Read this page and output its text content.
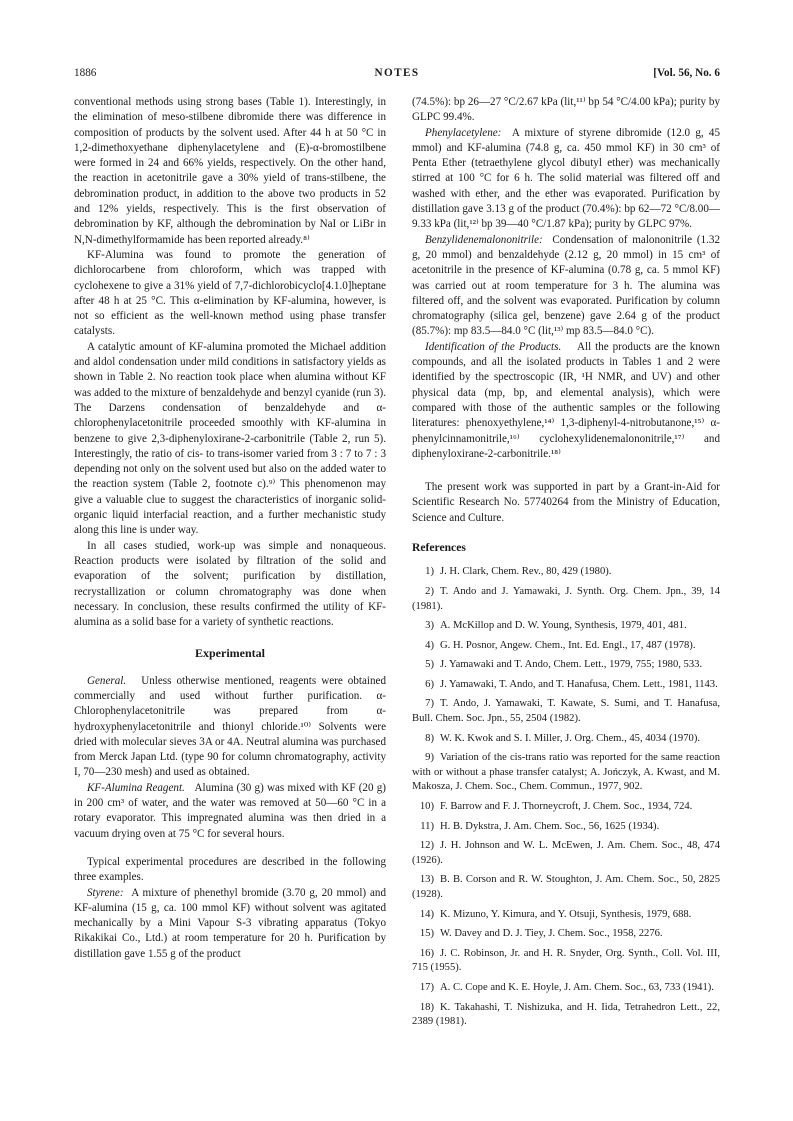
1886	NOTES	[Vol. 56, No. 6

conventional methods using strong bases (Table 1). Interestingly, in the elimination of meso-stilbene dibromide there was difference in composition of products by the solvent used. After 44 h at 50 °C in 1,2-dimethoxyethane diphenylacetylene and (E)-α-bromostilbene were formed in 24 and 66% yields, respectively. On the other hand, the reaction in acetonitrile gave a 30% yield of trans-stilbene, the debromination product, in addition to the above two products in 52 and 12% yields, respectively. This is the first observation of debromination by KF, although the debromination by NaI or LiBr in N,N-dimethylformamide has been reported already.⁸⁾

KF-Alumina was found to promote the generation of dichlorocarbene from chloroform, which was trapped with cyclohexene to give a 31% yield of 7,7-dichlorobicyclo[4.1.0]heptane after 48 h at 25 °C. This α-elimination by KF-alumina, however, is not so efficient as the well-known method using phase transfer catalysts.

A catalytic amount of KF-alumina promoted the Michael addition and aldol condensation under mild conditions in satisfactory yields as shown in Table 2. No reaction took place when alumina without KF was added to the mixture of benzaldehyde and benzyl cyanide (run 3). The Darzens condensation of benzaldehyde and α-chlorophenylacetonitrile proceeded smoothly with KF-alumina in benzene to give 2,3-diphenyloxirane-2-carbonitrile (Table 2, run 5). Interestingly, the ratio of cis- to trans-isomer varied from 3 : 7 to 7 : 3 depending not only on the solvent used but also on the added water to the reaction system (Table 2, footnote c).⁹⁾ This phenomenon may give a valuable clue to suggest the characteristics of inorganic solid-organic liquid interfacial reaction, and a further mechanistic study along this line is under way.

In all cases studied, work-up was simple and nonaqueous. Reaction products were isolated by filtration of the solid and evaporation of the solvent; purification by distillation, recrystallization or column chromatography was done when necessary. In conclusion, these results confirmed the utility of KF-alumina as a solid base for a variety of synthetic reactions.

Experimental

General. Unless otherwise mentioned, reagents were obtained commercially and used without further purification. α-Chlorophenylacetonitrile was prepared from α-hydroxyphenylacetonitrile and thionyl chloride.¹⁰⁾ Solvents were dried with molecular sieves 3A or 4A. Neutral alumina was purchased from Merck Japan Ltd. (type 90 for column chromatography, activity I, 70—230 mesh) and used as obtained.

KF-Alumina Reagent. Alumina (30 g) was mixed with KF (20 g) in 200 cm³ of water, and the water was removed at 50—60 °C in a rotary evaporator. This impregnated alumina was then dried in a vacuum drying oven at 75 °C for several hours.

Typical experimental procedures are described in the following three examples.

Styrene: A mixture of phenethyl bromide (3.70 g, 20 mmol) and KF-alumina (15 g, ca. 100 mmol KF) without solvent was agitated mechanically by a Mini Vapour S-3 vibrating apparatus (Tokyo Rikakikai Co., Ltd.) at room temperature for 20 h. Purification by distillation gave 1.55 g of the product

(74.5%): bp 26—27 °C/2.67 kPa (lit,¹¹⁾ bp 54 °C/4.00 kPa); purity by GLPC 99.4%.

Phenylacetylene: A mixture of styrene dibromide (12.0 g, 45 mmol) and KF-alumina (74.8 g, ca. 450 mmol KF) in 30 cm³ of Penta Ether (tetraethylene glycol dibutyl ether) was mechanically stirred at 100 °C for 6 h. The solid material was filtered off and washed with ether, and the ether was evaporated. Purification by distillation gave 3.13 g of the product (70.4%): bp 62—72 °C/8.00—9.33 kPa (lit,¹²⁾ bp 39—40 °C/1.87 kPa); purity by GLPC 97%.

Benzylidenemalononitrile: Condensation of malononitrile (1.32 g, 20 mmol) and benzaldehyde (2.12 g, 20 mmol) in 15 cm³ of acetonitrile in the presence of KF-alumina (0.78 g, ca. 5 mmol KF) was carried out at room temperature for 3 h. The alumina was filtered off, and the solvent was evaporated. Purification by column chromatography (silica gel, benzene) gave 2.64 g of the product (85.7%): mp 83.5—84.0 °C (lit,¹³⁾ mp 83.5—84.0 °C).

Identification of the Products. All the products are the known compounds, and all the isolated products in Tables 1 and 2 were identified by the spectroscopic (IR, ¹H NMR, and UV) and other physical data (mp, bp, and elemental analysis), which were compared with those of the authentic samples or the following literatures: phenoxyethylene,¹⁴⁾ 1,3-diphenyl-4-nitrobutanone,¹⁵⁾ α-phenylcinnamonitrile,¹⁶⁾ cyclohexylidenemalononitrile,¹⁷⁾ and diphenyloxirane-2-carbonitrile.¹⁸⁾

The present work was supported in part by a Grant-in-Aid for Scientific Research No. 57740264 from the Ministry of Education, Science and Culture.

References
1) J. H. Clark, Chem. Rev., 80, 429 (1980).
2) T. Ando and J. Yamawaki, J. Synth. Org. Chem. Jpn., 39, 14 (1981).
3) A. McKillop and D. W. Young, Synthesis, 1979, 401, 481.
4) G. H. Posnor, Angew. Chem., Int. Ed. Engl., 17, 487 (1978).
5) J. Yamawaki and T. Ando, Chem. Lett., 1979, 755; 1980, 533.
6) J. Yamawaki, T. Ando, and T. Hanafusa, Chem. Lett., 1981, 1143.
7) T. Ando, J. Yamawaki, T. Kawate, S. Sumi, and T. Hanafusa, Bull. Chem. Soc. Jpn., 55, 2504 (1982).
8) W. K. Kwok and S. I. Miller, J. Org. Chem., 45, 4034 (1970).
9) Variation of the cis-trans ratio was reported for the same reaction with or without a phase transfer catalyst; A. Jończyk, A. Kwast, and M. Makosza, J. Chem. Soc., Chem. Commun., 1977, 902.
10) F. Barrow and F. J. Thorneycroft, J. Chem. Soc., 1934, 724.
11) H. B. Dykstra, J. Am. Chem. Soc., 56, 1625 (1934).
12) J. H. Johnson and W. L. McEwen, J. Am. Chem. Soc., 48, 474 (1926).
13) B. B. Corson and R. W. Stoughton, J. Am. Chem. Soc., 50, 2825 (1928).
14) K. Mizuno, Y. Kimura, and Y. Otsuji, Synthesis, 1979, 688.
15) W. Davey and D. J. Tiey, J. Chem. Soc., 1958, 2276.
16) J. C. Robinson, Jr. and H. R. Snyder, Org. Synth., Coll. Vol. III, 715 (1955).
17) A. C. Cope and K. E. Hoyle, J. Am. Chem. Soc., 63, 733 (1941).
18) K. Takahashi, T. Nishizuka, and H. Iida, Tetrahedron Lett., 22, 2389 (1981).
